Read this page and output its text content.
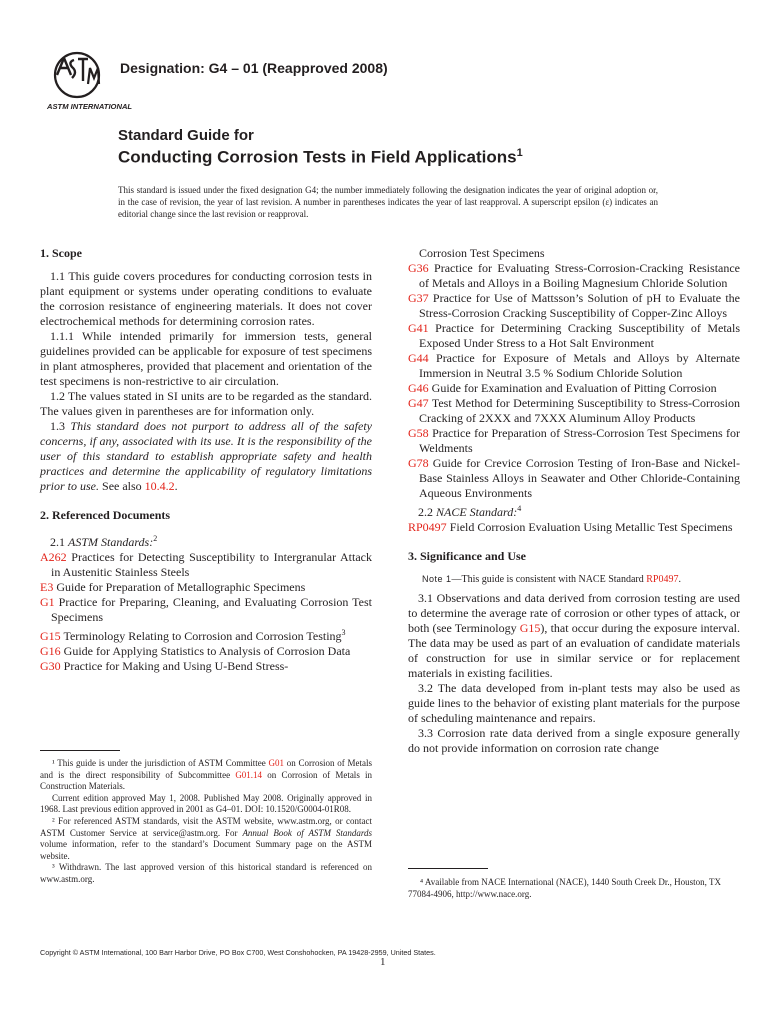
ASTM INTERNATIONAL
Designation: G4 – 01 (Reapproved 2008)
Standard Guide for
Conducting Corrosion Tests in Field Applications$^1$
This standard is issued under the fixed designation G4; the number immediately following the designation indicates the year of original adoption or, in the case of revision, the year of last revision. A number in parentheses indicates the year of last reapproval. A superscript epsilon (ε) indicates an editorial change since the last revision or reapproval.
1. Scope

1.1 This guide covers procedures for conducting corrosion tests in plant equipment or systems under operating conditions to evaluate the corrosion resistance of engineering materials. It does not cover electrochemical methods for determining corrosion rates.

1.1.1 While intended primarily for immersion tests, general guidelines provided can be applicable for exposure of test specimens in plant atmospheres, provided that placement and orientation of the test specimens is non-restrictive to air circulation.

1.2 The values stated in SI units are to be regarded as the standard. The values given in parentheses are for information only.

1.3 This standard does not purport to address all of the safety concerns, if any, associated with its use. It is the responsibility of the user of this standard to establish appropriate safety and health practices and determine the applicability of regulatory limitations prior to use. See also 10.4.2.

2. Referenced Documents

2.1 ASTM Standards:$^2$

A262 Practices for Detecting Susceptibility to Intergranular Attack in Austenitic Stainless Steels

E3 Guide for Preparation of Metallographic Specimens

G1 Practice for Preparing, Cleaning, and Evaluating Corrosion Test Specimens

G15 Terminology Relating to Corrosion and Corrosion Testing$^3$

G16 Guide for Applying Statistics to Analysis of Corrosion Data

G30 Practice for Making and Using U-Bend Stress-

Corrosion Test Specimens

G36 Practice for Evaluating Stress-Corrosion-Cracking Resistance of Metals and Alloys in a Boiling Magnesium Chloride Solution

G37 Practice for Use of Mattsson’s Solution of pH to Evaluate the Stress-Corrosion Cracking Susceptibility of Copper-Zinc Alloys

G41 Practice for Determining Cracking Susceptibility of Metals Exposed Under Stress to a Hot Salt Environment

G44 Practice for Exposure of Metals and Alloys by Alternate Immersion in Neutral 3.5 % Sodium Chloride Solution

G46 Guide for Examination and Evaluation of Pitting Corrosion

G47 Test Method for Determining Susceptibility to Stress-Corrosion Cracking of 2XXX and 7XXX Aluminum Alloy Products

G58 Practice for Preparation of Stress-Corrosion Test Specimens for Weldments

G78 Guide for Crevice Corrosion Testing of Iron-Base and Nickel-Base Stainless Alloys in Seawater and Other Chloride-Containing Aqueous Environments

2.2 NACE Standard:$^4$

RP0497 Field Corrosion Evaluation Using Metallic Test Specimens

3. Significance and Use

Note 1—This guide is consistent with NACE Standard RP0497.

3.1 Observations and data derived from corrosion testing are used to determine the average rate of corrosion or other types of attack, or both (see Terminology G15), that occur during the exposure interval. The data may be used as part of an evaluation of candidate materials of construction for use in similar service or for replacement materials in existing facilities.

3.2 The data developed from in-plant tests may also be used as guide lines to the behavior of existing plant materials for the purpose of scheduling maintenance and repairs.

3.3 Corrosion rate data derived from a single exposure generally do not provide information on corrosion rate change

¹ This guide is under the jurisdiction of ASTM Committee G01 on Corrosion of Metals and is the direct responsibility of Subcommittee G01.14 on Corrosion of Metals in Construction Materials.

Current edition approved May 1, 2008. Published May 2008. Originally approved in 1968. Last previous edition approved in 2001 as G4–01. DOI: 10.1520/G0004-01R08.

² For referenced ASTM standards, visit the ASTM website, www.astm.org, or contact ASTM Customer Service at service@astm.org. For Annual Book of ASTM Standards volume information, refer to the standard’s Document Summary page on the ASTM website.

³ Withdrawn. The last approved version of this historical standard is referenced on www.astm.org.	⁴ Available from NACE International (NACE), 1440 South Creek Dr., Houston, TX 77084-4906, http://www.nace.org.

Copyright © ASTM International, 100 Barr Harbor Drive, PO Box C700, West Conshohocken, PA 19428-2959, United States.
1
